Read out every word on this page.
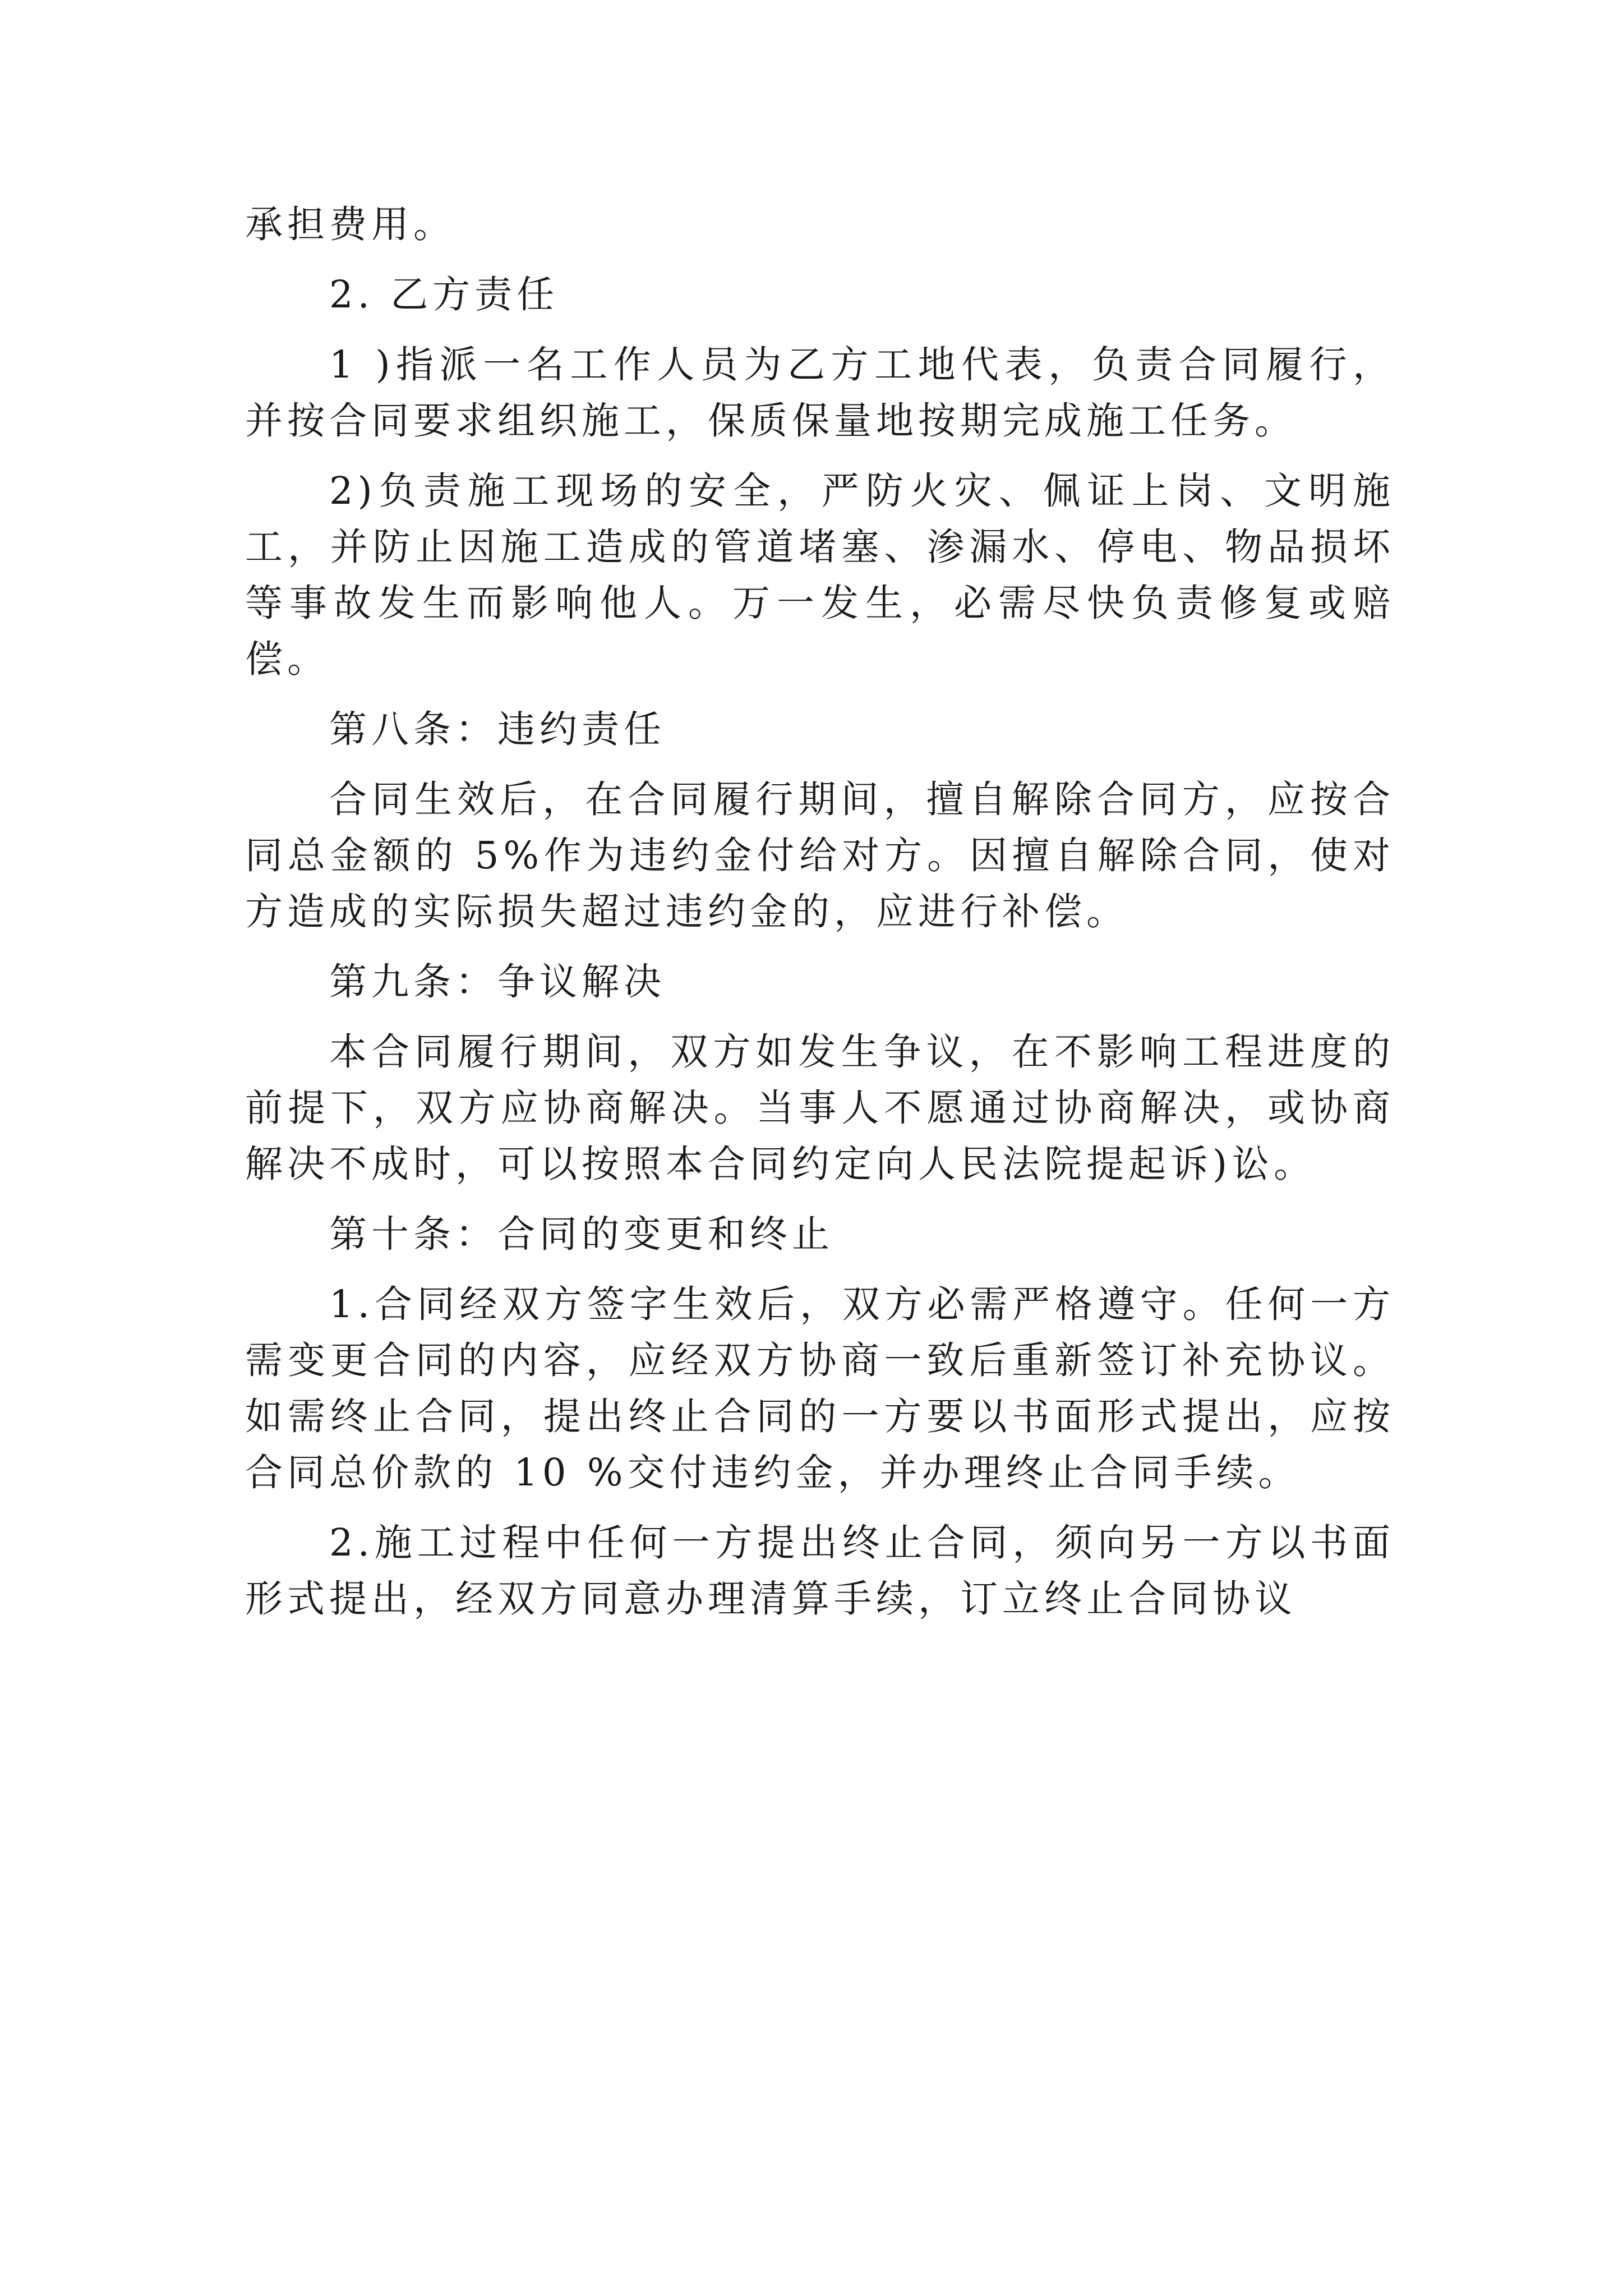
承担费用。

2. 乙方责任

1 )指派一名工作人员为乙方工地代表，负责合同履行，并按合同要求组织施工，保质保量地按期完成施工任务。

2)负责施工现场的安全，严防火灾、佩证上岗、文明施工，并防止因施工造成的管道堵塞、渗漏水、停电、物品损坏等事故发生而影响他人。万一发生，必需尽快负责修复或赔偿。

第八条：违约责任

合同生效后，在合同履行期间，擅自解除合同方，应按合同总金额的 5%作为违约金付给对方。因擅自解除合同，使对方造成的实际损失超过违约金的，应进行补偿。

第九条：争议解决

本合同履行期间，双方如发生争议，在不影响工程进度的前提下，双方应协商解决。当事人不愿通过协商解决，或协商解决不成时，可以按照本合同约定向人民法院提起诉)讼。

第十条：合同的变更和终止

1.合同经双方签字生效后，双方必需严格遵守。任何一方需变更合同的内容，应经双方协商一致后重新签订补充协议。如需终止合同，提出终止合同的一方要以书面形式提出，应按合同总价款的 10 %交付违约金，并办理终止合同手续。

2.施工过程中任何一方提出终止合同，须向另一方以书面形式提出，经双方同意办理清算手续，订立终止合同协议
